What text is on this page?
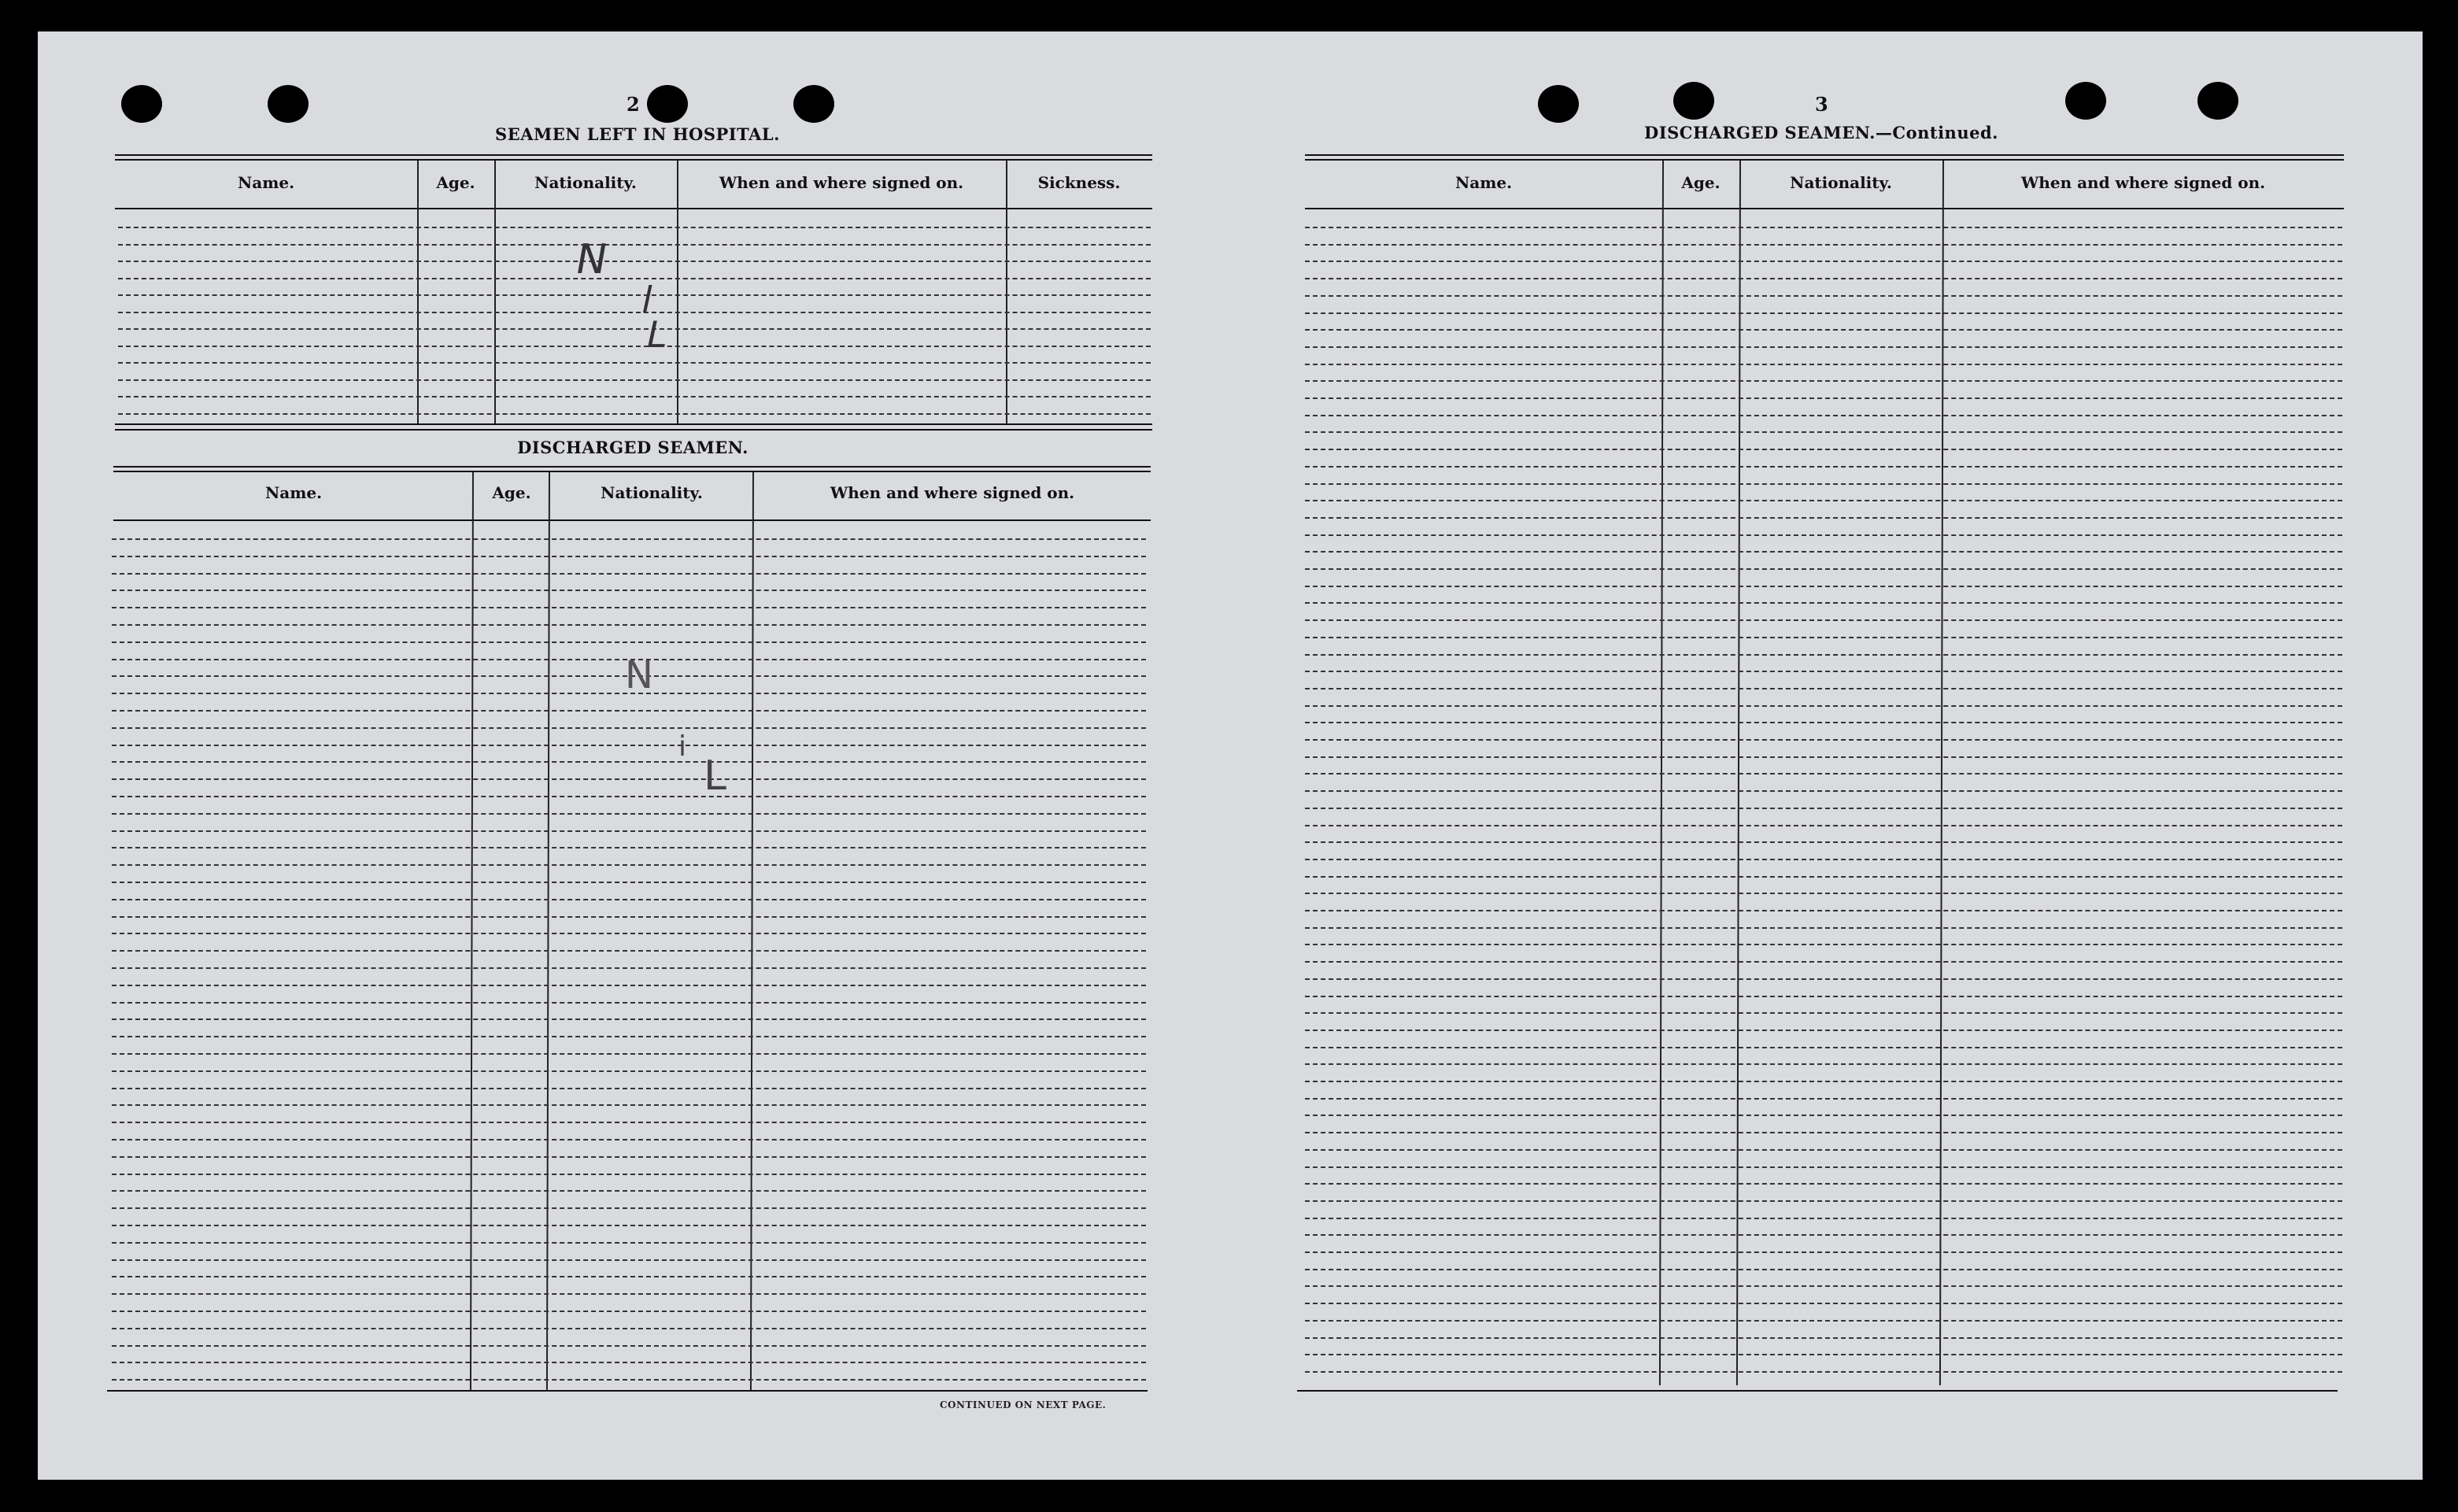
2
SEAMEN LEFT IN HOSPITAL.
Name.	Age.	Nationality.	When and where signed on.	Sickness.
N
l
L
DISCHARGED SEAMEN.
Name.	Age.	Nationality.	When and where signed on.
N
i
L
CONTINUED ON NEXT PAGE.
3
DISCHARGED SEAMEN.—Continued.
Name.	Age.	Nationality.	When and where signed on.
